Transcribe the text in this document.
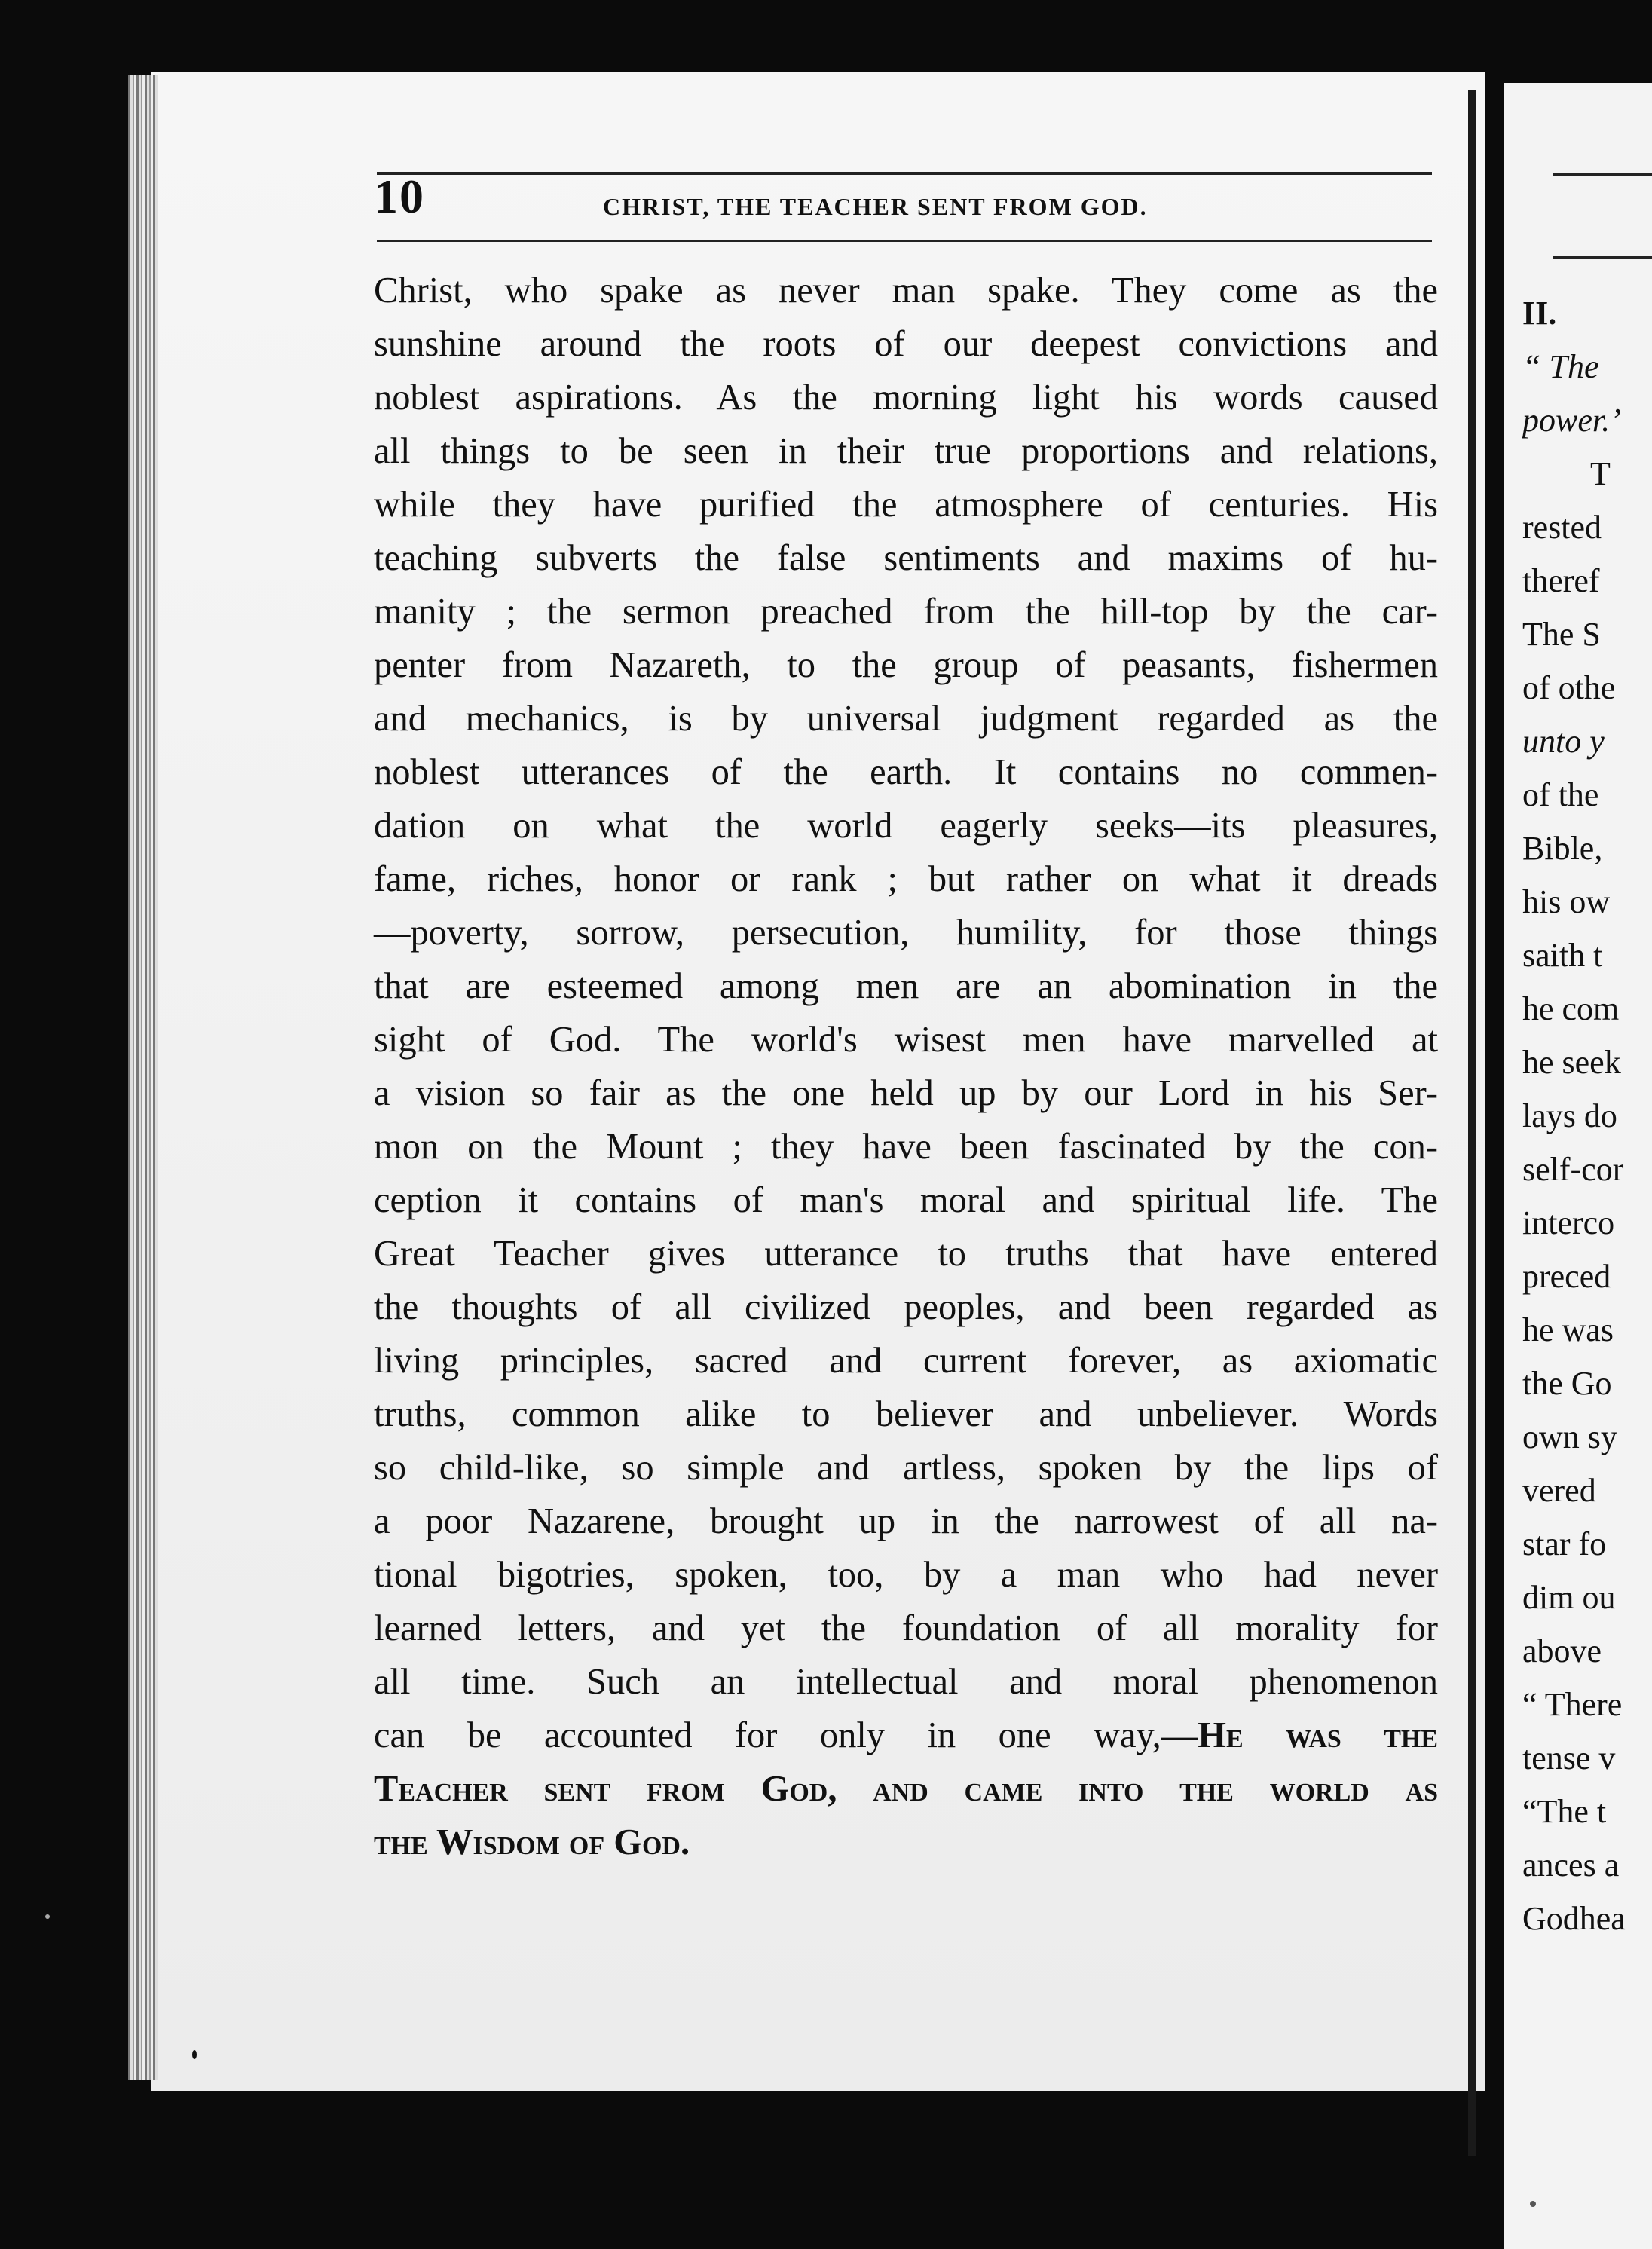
10	CHRIST, THE TEACHER SENT FROM GOD.
Christ, who spake as never man spake. They come as the
sunshine around the roots of our deepest convictions and
noblest aspirations. As the morning light his words caused
all things to be seen in their true proportions and relations,
while they have purified the atmosphere of centuries. His
teaching subverts the false sentiments and maxims of hu-
manity ; the sermon preached from the hill-top by the car-
penter from Nazareth, to the group of peasants, fishermen
and mechanics, is by universal judgment regarded as the
noblest utterances of the earth. It contains no commen-
dation on what the world eagerly seeks—its pleasures,
fame, riches, honor or rank ; but rather on what it dreads
—poverty, sorrow, persecution, humility, for those things
that are esteemed among men are an abomination in the
sight of God. The world's wisest men have marvelled at
a vision so fair as the one held up by our Lord in his Ser-
mon on the Mount ; they have been fascinated by the con-
ception it contains of man's moral and spiritual life. The
Great Teacher gives utterance to truths that have entered
the thoughts of all civilized peoples, and been regarded as
living principles, sacred and current forever, as axiomatic
truths, common alike to believer and unbeliever. Words
so child-like, so simple and artless, spoken by the lips of
a poor Nazarene, brought up in the narrowest of all na-
tional bigotries, spoken, too, by a man who had never
learned letters, and yet the foundation of all morality for
all time. Such an intellectual and moral phenomenon
can be accounted for only in one way,—He was the
Teacher sent from God, and came into the world as
the Wisdom of God.
II.
“ The
power.’
T
rested
theref
The S
of othe
unto y
of the
Bible,
his ow
saith t
he com
he seek
lays do
self-cor
interco
preced
he was
the Go
own sy
vered
star fo
dim ou
above
“ There
tense v
“The t
ances a
Godhea
